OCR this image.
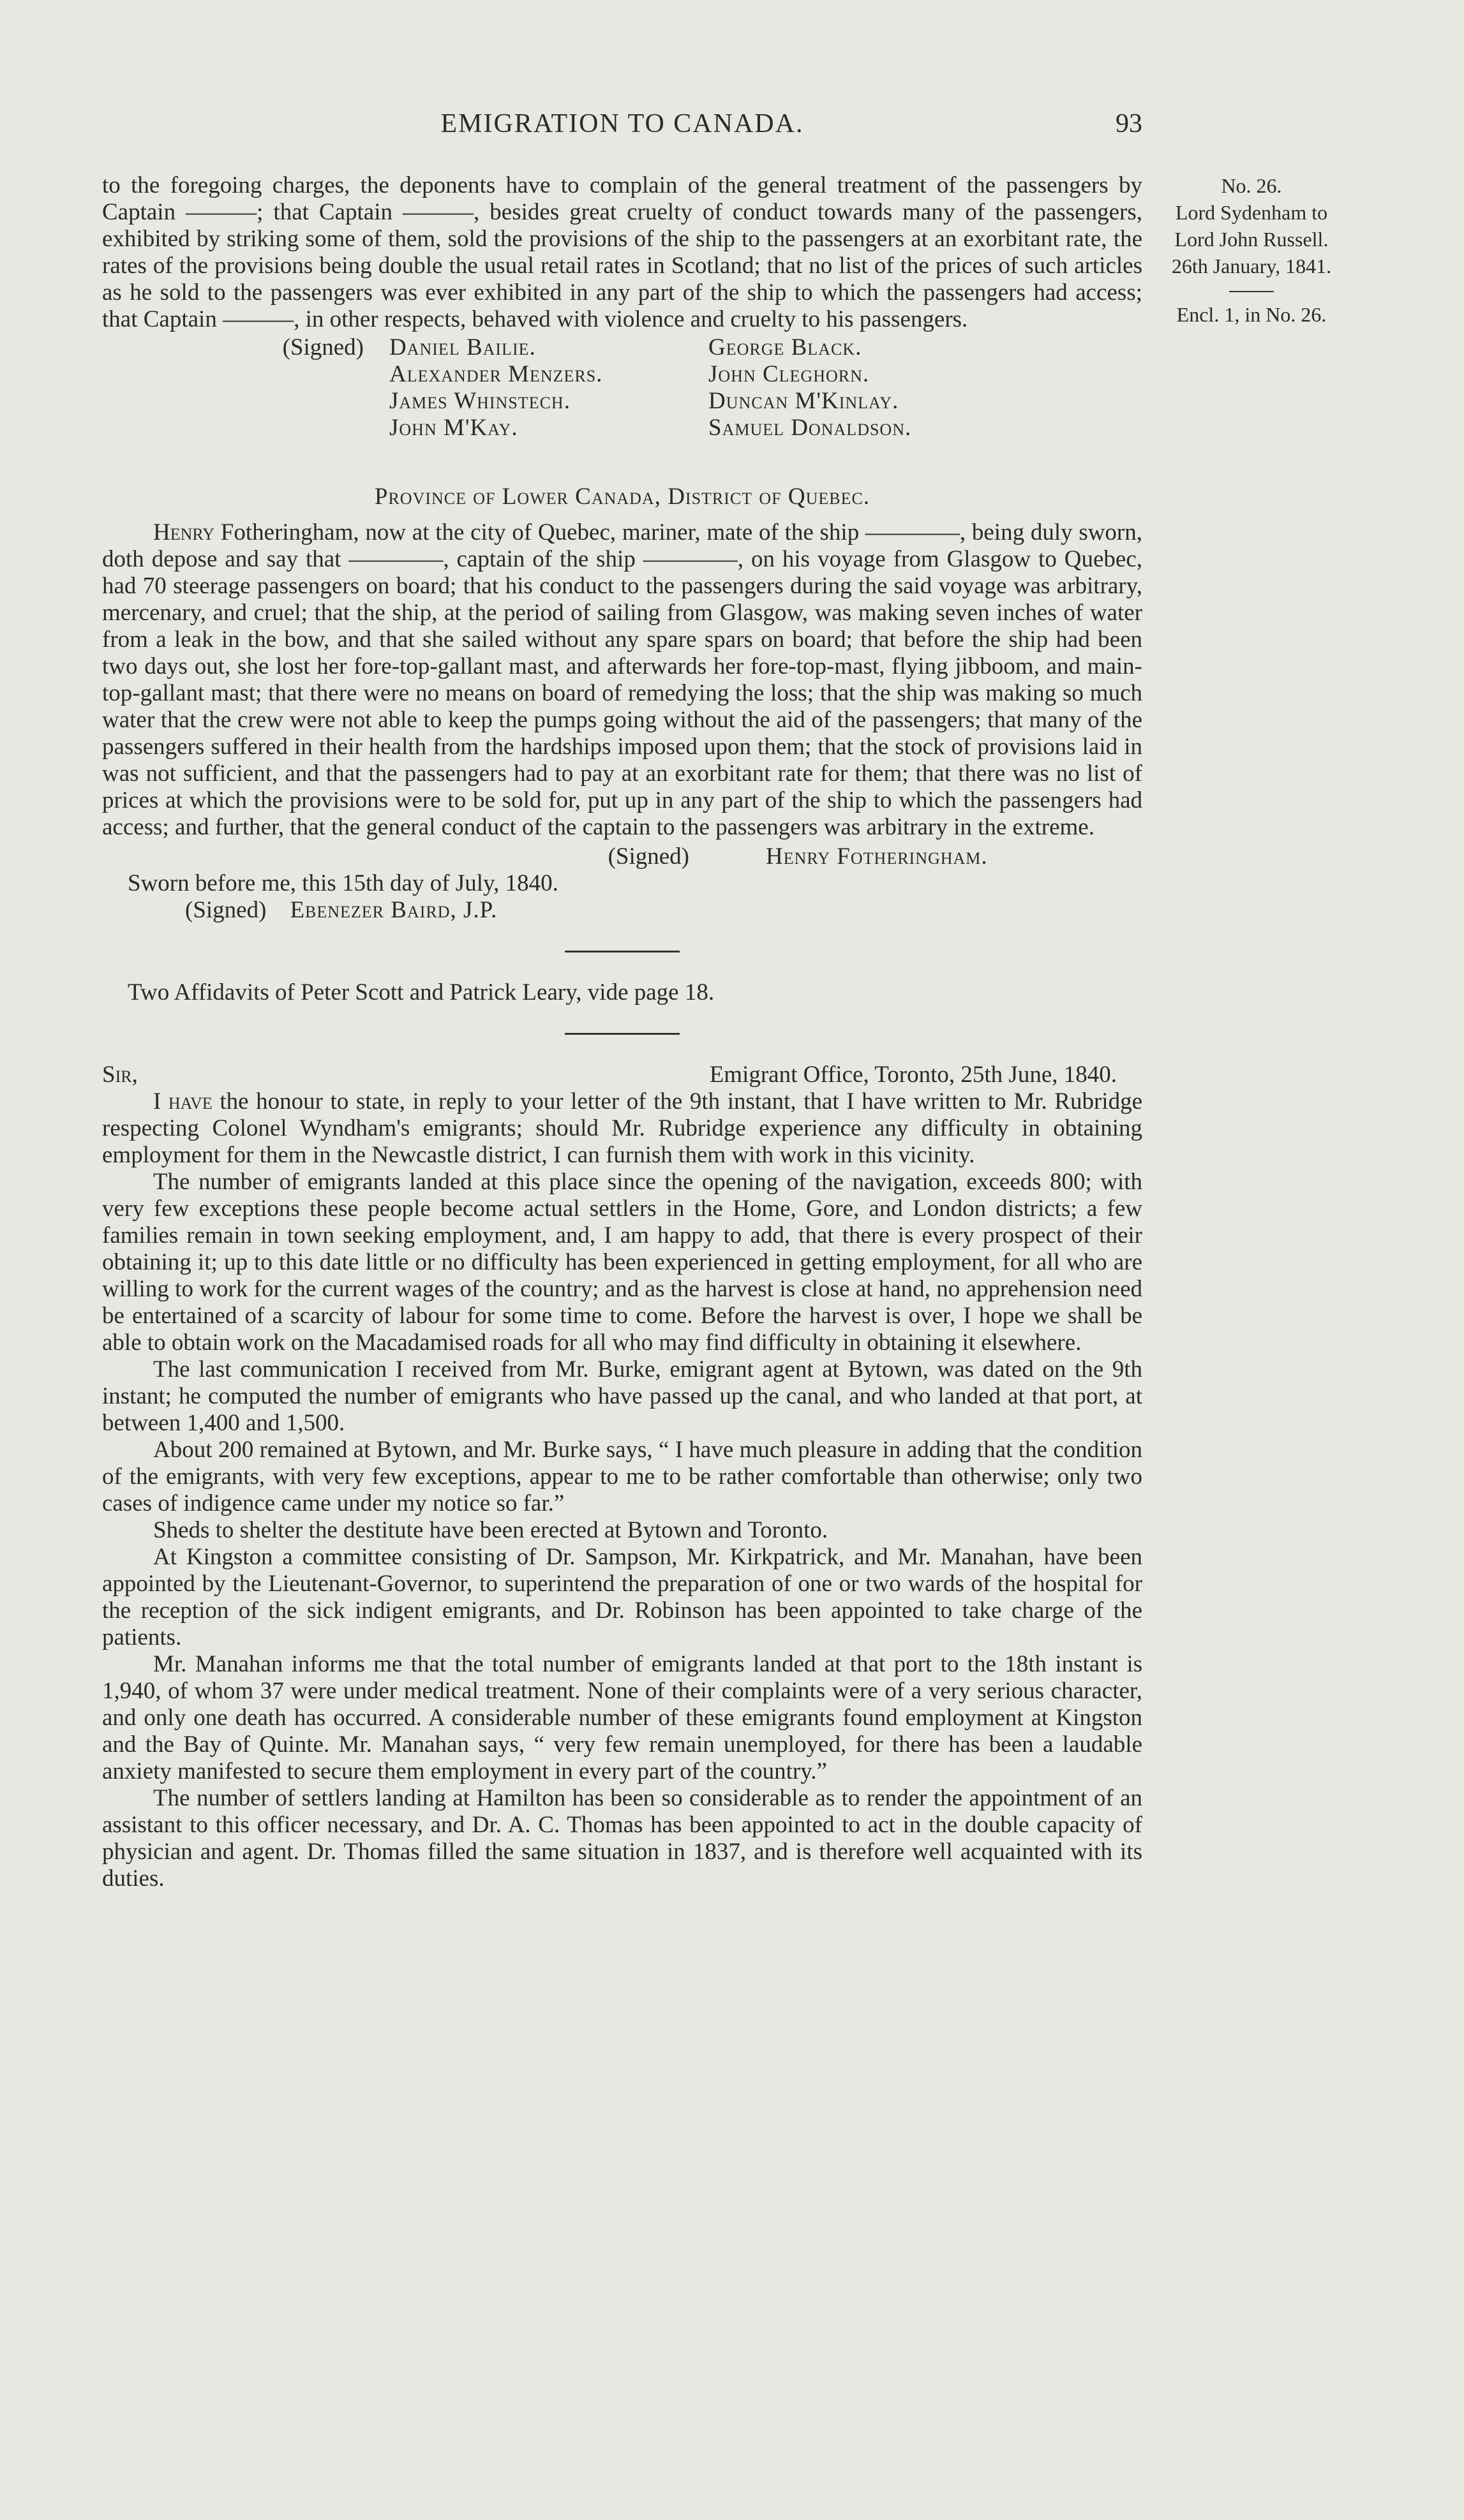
EMIGRATION TO CANADA.	93
No. 26.
Lord Sydenham to
Lord John Russell.
26th January, 1841.
Encl. 1, in No. 26.

to the foregoing charges, the deponents have to complain of the general treatment of the passengers by Captain ———; that Captain ———, besides great cruelty of conduct towards many of the passengers, exhibited by striking some of them, sold the provisions of the ship to the passengers at an exorbitant rate, the rates of the provisions being double the usual retail rates in Scotland; that no list of the prices of such articles as he sold to the passengers was ever exhibited in any part of the ship to which the passengers had access; that Captain ———, in other respects, behaved with violence and cruelty to his passengers.

(Signed)	Daniel Bailie.
Alexander Menzers.
James Whinstech.
John M'Kay.
George Black.
John Cleghorn.
Duncan M'Kinlay.
Samuel Donaldson.
Province of Lower Canada, District of Quebec.

Henry Fotheringham, now at the city of Quebec, mariner, mate of the ship ————, being duly sworn, doth depose and say that ————, captain of the ship ————, on his voyage from Glasgow to Quebec, had 70 steerage passengers on board; that his conduct to the passengers during the said voyage was arbitrary, mercenary, and cruel; that the ship, at the period of sailing from Glasgow, was making seven inches of water from a leak in the bow, and that she sailed without any spare spars on board; that before the ship had been two days out, she lost her fore-top-gallant mast, and afterwards her fore-top-mast, flying jibboom, and main-top-gallant mast; that there were no means on board of remedying the loss; that the ship was making so much water that the crew were not able to keep the pumps going without the aid of the passengers; that many of the passengers suffered in their health from the hardships imposed upon them; that the stock of provisions laid in was not sufficient, and that the passengers had to pay at an exorbitant rate for them; that there was no list of prices at which the provisions were to be sold for, put up in any part of the ship to which the passengers had access; and further, that the general conduct of the captain to the passengers was arbitrary in the extreme.

(Signed)	Henry Fotheringham.
Sworn before me, this 15th day of July, 1840.
(Signed) Ebenezer Baird, J.P.
Two Affidavits of Peter Scott and Patrick Leary, vide page 18.
Sir,	Emigrant Office, Toronto, 25th June, 1840.

I have the honour to state, in reply to your letter of the 9th instant, that I have written to Mr. Rubridge respecting Colonel Wyndham's emigrants; should Mr. Rubridge experience any difficulty in obtaining employment for them in the Newcastle district, I can furnish them with work in this vicinity.

The number of emigrants landed at this place since the opening of the navigation, exceeds 800; with very few exceptions these people become actual settlers in the Home, Gore, and London districts; a few families remain in town seeking employment, and, I am happy to add, that there is every prospect of their obtaining it; up to this date little or no difficulty has been experienced in getting employment, for all who are willing to work for the current wages of the country; and as the harvest is close at hand, no apprehension need be entertained of a scarcity of labour for some time to come. Before the harvest is over, I hope we shall be able to obtain work on the Macadamised roads for all who may find difficulty in obtaining it elsewhere.

The last communication I received from Mr. Burke, emigrant agent at Bytown, was dated on the 9th instant; he computed the number of emigrants who have passed up the canal, and who landed at that port, at between 1,400 and 1,500.

About 200 remained at Bytown, and Mr. Burke says, “ I have much pleasure in adding that the condition of the emigrants, with very few exceptions, appear to me to be rather comfortable than otherwise; only two cases of indigence came under my notice so far.”

Sheds to shelter the destitute have been erected at Bytown and Toronto.

At Kingston a committee consisting of Dr. Sampson, Mr. Kirkpatrick, and Mr. Manahan, have been appointed by the Lieutenant-Governor, to superintend the preparation of one or two wards of the hospital for the reception of the sick indigent emigrants, and Dr. Robinson has been appointed to take charge of the patients.

Mr. Manahan informs me that the total number of emigrants landed at that port to the 18th instant is 1,940, of whom 37 were under medical treatment. None of their complaints were of a very serious character, and only one death has occurred. A considerable number of these emigrants found employment at Kingston and the Bay of Quinte. Mr. Manahan says, “ very few remain unemployed, for there has been a laudable anxiety manifested to secure them employment in every part of the country.”

The number of settlers landing at Hamilton has been so considerable as to render the appointment of an assistant to this officer necessary, and Dr. A. C. Thomas has been appointed to act in the double capacity of physician and agent. Dr. Thomas filled the same situation in 1837, and is therefore well acquainted with its duties.
